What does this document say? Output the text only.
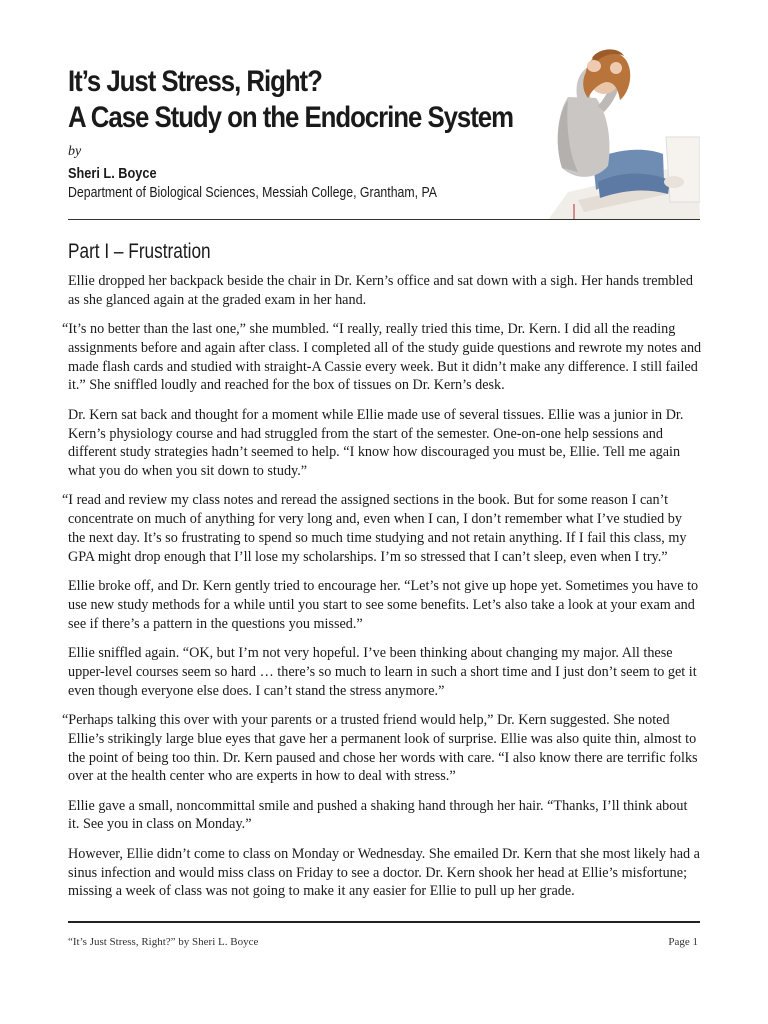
It’s Just Stress, Right?
A Case Study on the Endocrine System
by
Sheri L. Boyce
Department of Biological Sciences, Messiah College, Grantham, PA
Part I – Frustration

Ellie dropped her backpack beside the chair in Dr. Kern’s office and sat down with a sigh. Her hands trembled as she glanced again at the graded exam in her hand.

“It’s no better than the last one,” she mumbled. “I really, really tried this time, Dr. Kern. I did all the reading assignments before and again after class. I completed all of the study guide questions and rewrote my notes and made flash cards and studied with straight-A Cassie every week. But it didn’t make any difference. I still failed it.” She sniffled loudly and reached for the box of tissues on Dr. Kern’s desk.

Dr. Kern sat back and thought for a moment while Ellie made use of several tissues. Ellie was a junior in Dr. Kern’s physiology course and had struggled from the start of the semester. One-on-one help sessions and different study strategies hadn’t seemed to help. “I know how discouraged you must be, Ellie. Tell me again what you do when you sit down to study.”

“I read and review my class notes and reread the assigned sections in the book. But for some reason I can’t concentrate on much of anything for very long and, even when I can, I don’t remember what I’ve studied by the next day. It’s so frustrating to spend so much time studying and not retain anything. If I fail this class, my GPA might drop enough that I’ll lose my scholarships. I’m so stressed that I can’t sleep, even when I try.”

Ellie broke off, and Dr. Kern gently tried to encourage her. “Let’s not give up hope yet. Sometimes you have to use new study methods for a while until you start to see some benefits. Let’s also take a look at your exam and see if there’s a pattern in the questions you missed.”

Ellie sniffled again. “OK, but I’m not very hopeful. I’ve been thinking about changing my major. All these upper-level courses seem so hard … there’s so much to learn in such a short time and I just don’t seem to get it even though everyone else does. I can’t stand the stress anymore.”

“Perhaps talking this over with your parents or a trusted friend would help,” Dr. Kern suggested. She noted Ellie’s strikingly large blue eyes that gave her a permanent look of surprise. Ellie was also quite thin, almost to the point of being too thin. Dr. Kern paused and chose her words with care. “I also know there are terrific folks over at the health center who are experts in how to deal with stress.”

Ellie gave a small, noncommittal smile and pushed a shaking hand through her hair. “Thanks, I’ll think about it. See you in class on Monday.”

However, Ellie didn’t come to class on Monday or Wednesday. She emailed Dr. Kern that she most likely had a sinus infection and would miss class on Friday to see a doctor. Dr. Kern shook her head at Ellie’s misfortune; missing a week of class was not going to make it any easier for Ellie to pull up her grade.

“It’s Just Stress, Right?” by Sheri L. Boyce	Page 1
